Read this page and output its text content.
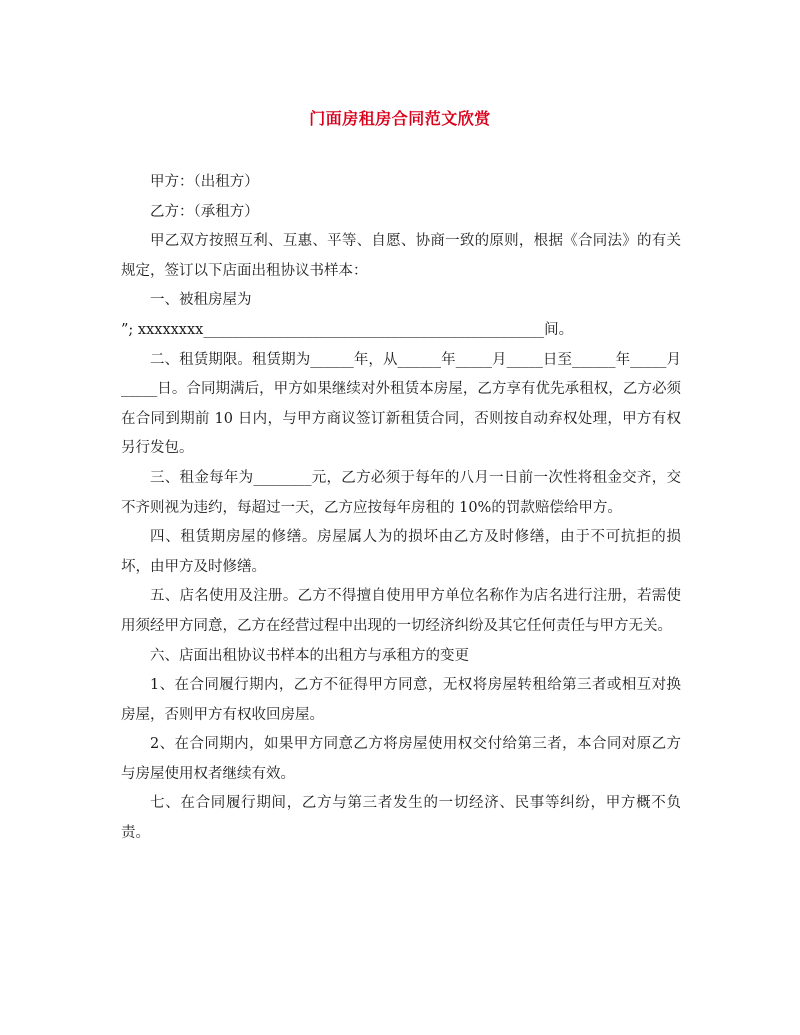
门面房租房合同范文欣赏

甲方：（出租方）

乙方：（承租方）

甲乙双方按照互利、互惠、平等、自愿、协商一致的原则，根据《合同法》的有关规定，签订以下店面出租协议书样本：

一、被租房屋为

”; xxxxxxxx_______________________________________________间。

二、租赁期限。租赁期为______年，从______年_____月_____日至______年_____月_____日。合同期满后，甲方如果继续对外租赁本房屋，乙方享有优先承租权，乙方必须在合同到期前 10 日内，与甲方商议签订新租赁合同，否则按自动弃权处理，甲方有权另行发包。

三、租金每年为________元，乙方必须于每年的八月一日前一次性将租金交齐，交不齐则视为违约，每超过一天，乙方应按每年房租的 10%的罚款赔偿给甲方。

四、租赁期房屋的修缮。房屋属人为的损坏由乙方及时修缮，由于不可抗拒的损坏，由甲方及时修缮。

五、店名使用及注册。乙方不得擅自使用甲方单位名称作为店名进行注册，若需使用须经甲方同意，乙方在经营过程中出现的一切经济纠纷及其它任何责任与甲方无关。

六、店面出租协议书样本的出租方与承租方的变更

1、在合同履行期内，乙方不征得甲方同意，无权将房屋转租给第三者或相互对换房屋，否则甲方有权收回房屋。

2、在合同期内，如果甲方同意乙方将房屋使用权交付给第三者，本合同对原乙方与房屋使用权者继续有效。

七、在合同履行期间，乙方与第三者发生的一切经济、民事等纠纷，甲方概不负责。
